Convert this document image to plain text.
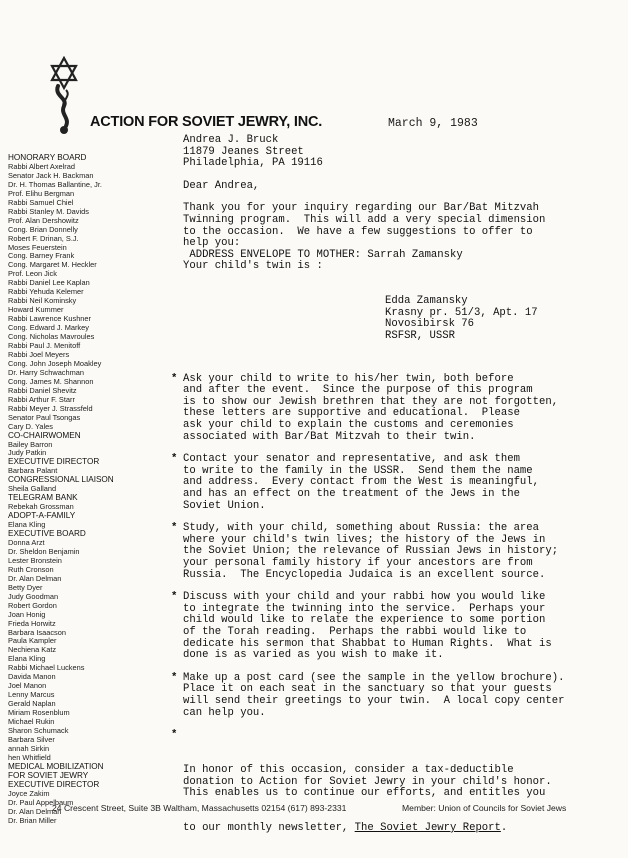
ACTION FOR SOVIET JEWRY, INC.	March 9, 1983
HONORARY BOARD
Rabbi Albert Axelrad
Senator Jack H. Backman
Dr. H. Thomas Ballantine, Jr.
Prof. Elihu Bergman
Rabbi Samuel Chiel
Rabbi Stanley M. Davids
Prof. Alan Dershowitz
Cong. Brian Donnelly
Robert F. Drinan, S.J.
Moses Feuerstein
Cong. Barney Frank
Cong. Margaret M. Heckler
Prof. Leon Jick
Rabbi Daniel Lee Kaplan
Rabbi Yehuda Kelemer
Rabbi Neil Kominsky
Howard Kummer
Rabbi Lawrence Kushner
Cong. Edward J. Markey
Cong. Nicholas Mavroules
Rabbi Paul J. Menitoff
Rabbi Joel Meyers
Cong. John Joseph Moakley
Dr. Harry Schwachman
Cong. James M. Shannon
Rabbi Daniel Shevitz
Rabbi Arthur F. Starr
Rabbi Meyer J. Strassfeld
Senator Paul Tsongas
Cary D. Yales
CO-CHAIRWOMEN
Bailey Barron
Judy Patkin
EXECUTIVE DIRECTOR
Barbara Palant
CONGRESSIONAL LIAISON
Sheila Galland
TELEGRAM BANK
Rebekah Grossman
ADOPT-A-FAMILY
Elana Kling
EXECUTIVE BOARD
Donna Arzt
Dr. Sheldon Benjamin
Lester Bronstein
Ruth Cronson
Dr. Alan Delman
Betty Dyer
Judy Goodman
Robert Gordon
Joan Honig
Frieda Horwitz
Barbara Isaacson
Paula Kampler
Nechiena Katz
Elana Kling
Rabbi Michael Luckens
Davida Manon
Joel Manon
Lenny Marcus
Gerald Naplan
Miriam Rosenblum
Michael Rukin
Sharon Schumack
Barbara Silver
annah Sirkin
hen Whitfield
MEDICAL MOBILIZATION
FOR SOVIET JEWRY
EXECUTIVE DIRECTOR
Joyce Zakim
Dr. Paul Appelbaum
Dr. Alan Delman
Dr. Brian Miller
Andrea J. Bruck
11879 Jeanes Street
Philadelphia, PA 19116
Dear Andrea,
Thank you for your inquiry regarding our Bar/Bat Mitzvah
Twinning program.  This will add a very special dimension
to the occasion.  We have a few suggestions to offer to
help you:
ADDRESS ENVELOPE TO MOTHER: Sarrah Zamansky

Your child's twin is :

Edda Zamansky
Krasny pr. 51/3, Apt. 17
Novosibirsk 76
RSFSR, USSR

* Ask your child to write to his/her twin, both before
and after the event.  Since the purpose of this program
is to show our Jewish brethren that they are not forgotten,
these letters are supportive and educational.  Please
ask your child to explain the customs and ceremonies
associated with Bar/Bat Mitzvah to their twin.
* Contact your senator and representative, and ask them
to write to the family in the USSR.  Send them the name
and address.  Every contact from the West is meaningful,
and has an effect on the treatment of the Jews in the
Soviet Union.
* Study, with your child, something about Russia: the area
where your child's twin lives; the history of the Jews in
the Soviet Union; the relevance of Russian Jews in history;
your personal family history if your ancestors are from
Russia.  The Encyclopedia Judaica is an excellent source.
* Discuss with your child and your rabbi how you would like
to integrate the twinning into the service.  Perhaps your
child would like to relate the experience to some portion
of the Torah reading.  Perhaps the rabbi would like to
dedicate his sermon that Shabbat to Human Rights.  What is
done is as varied as you wish to make it.
* Make up a post card (see the sample in the yellow brochure).
Place it on each seat in the sanctuary so that your guests
will send their greetings to your twin.  A local copy center
can help you.

*

In honor of this occasion, consider a tax-deductible
donation to Action for Soviet Jewry in your child's honor.
This enables us to continue our efforts, and entitles you

to our monthly newsletter, The Soviet Jewry Report.

24 Crescent Street, Suite 3B Waltham, Massachusetts 02154 (617) 893-2331	Member: Union of Councils for Soviet Jews
